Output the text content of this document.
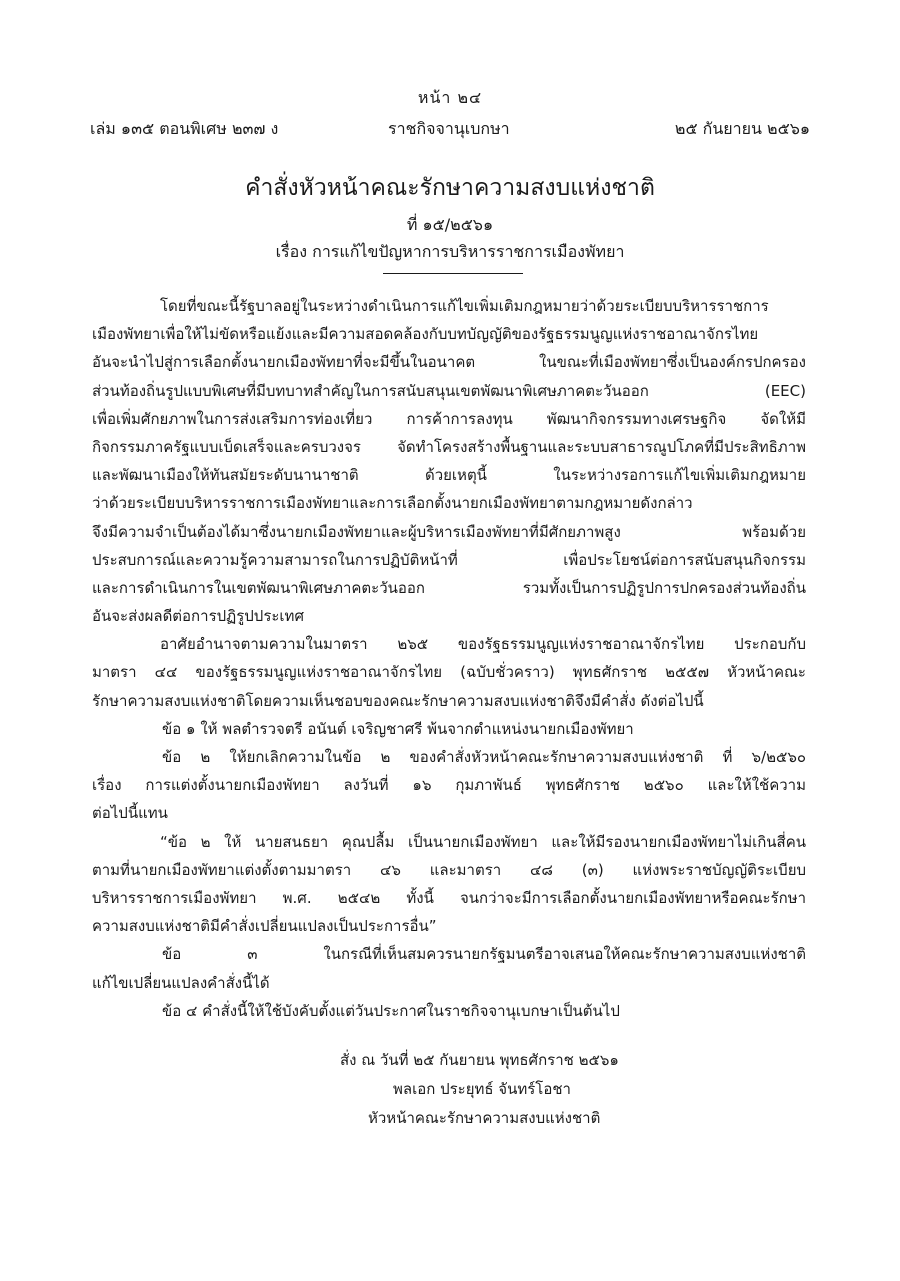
หน้า ๒๔
เล่ม ๑๓๕ ตอนพิเศษ ๒๓๗ ง	ราชกิจจานุเบกษา	๒๕ กันยายน ๒๕๖๑
คำสั่งหัวหน้าคณะรักษาความสงบแห่งชาติ
ที่ ๑๕/๒๕๖๑
เรื่อง การแก้ไขปัญหาการบริหารราชการเมืองพัทยา
โดยที่ขณะนี้รัฐบาลอยู่ในระหว่างดำเนินการแก้ไขเพิ่มเติมกฎหมายว่าด้วยระเบียบบริหารราชการ
เมืองพัทยาเพื่อให้ไม่ขัดหรือแย้งและมีความสอดคล้องกับบทบัญญัติของรัฐธรรมนูญแห่งราชอาณาจักรไทย
อันจะนำไปสู่การเลือกตั้งนายกเมืองพัทยาที่จะมีขึ้นในอนาคต ในขณะที่เมืองพัทยาซึ่งเป็นองค์กรปกครอง
ส่วนท้องถิ่นรูปแบบพิเศษที่มีบทบาทสำคัญในการสนับสนุนเขตพัฒนาพิเศษภาคตะวันออก (EEC)
เพื่อเพิ่มศักยภาพในการส่งเสริมการท่องเที่ยว การค้าการลงทุน พัฒนากิจกรรมทางเศรษฐกิจ จัดให้มี
กิจกรรมภาครัฐแบบเบ็ดเสร็จและครบวงจร จัดทำโครงสร้างพื้นฐานและระบบสาธารณูปโภคที่มีประสิทธิภาพ
และพัฒนาเมืองให้ทันสมัยระดับนานาชาติ ด้วยเหตุนี้ ในระหว่างรอการแก้ไขเพิ่มเติมกฎหมาย
ว่าด้วยระเบียบบริหารราชการเมืองพัทยาและการเลือกตั้งนายกเมืองพัทยาตามกฎหมายดังกล่าว
จึงมีความจำเป็นต้องได้มาซึ่งนายกเมืองพัทยาและผู้บริหารเมืองพัทยาที่มีศักยภาพสูง พร้อมด้วย
ประสบการณ์และความรู้ความสามารถในการปฏิบัติหน้าที่ เพื่อประโยชน์ต่อการสนับสนุนกิจกรรม
และการดำเนินการในเขตพัฒนาพิเศษภาคตะวันออก รวมทั้งเป็นการปฏิรูปการปกครองส่วนท้องถิ่น
อันจะส่งผลดีต่อการปฏิรูปประเทศ
อาศัยอำนาจตามความในมาตรา ๒๖๕ ของรัฐธรรมนูญแห่งราชอาณาจักรไทย ประกอบกับ
มาตรา ๔๔ ของรัฐธรรมนูญแห่งราชอาณาจักรไทย (ฉบับชั่วคราว) พุทธศักราช ๒๕๕๗ หัวหน้าคณะ
รักษาความสงบแห่งชาติโดยความเห็นชอบของคณะรักษาความสงบแห่งชาติจึงมีคำสั่ง ดังต่อไปนี้
ข้อ ๑ ให้ พลตำรวจตรี อนันต์ เจริญชาศรี พ้นจากตำแหน่งนายกเมืองพัทยา
ข้อ ๒ ให้ยกเลิกความในข้อ ๒ ของคำสั่งหัวหน้าคณะรักษาความสงบแห่งชาติ ที่ ๖/๒๕๖๐
เรื่อง การแต่งตั้งนายกเมืองพัทยา ลงวันที่ ๑๖ กุมภาพันธ์ พุทธศักราช ๒๕๖๐ และให้ใช้ความ
ต่อไปนี้แทน
“ข้อ ๒ ให้ นายสนธยา คุณปลื้ม เป็นนายกเมืองพัทยา และให้มีรองนายกเมืองพัทยาไม่เกินสี่คน
ตามที่นายกเมืองพัทยาแต่งตั้งตามมาตรา ๔๖ และมาตรา ๔๘ (๓) แห่งพระราชบัญญัติระเบียบ
บริหารราชการเมืองพัทยา พ.ศ. ๒๕๔๒ ทั้งนี้ จนกว่าจะมีการเลือกตั้งนายกเมืองพัทยาหรือคณะรักษา
ความสงบแห่งชาติมีคำสั่งเปลี่ยนแปลงเป็นประการอื่น”
ข้อ ๓ ในกรณีที่เห็นสมควรนายกรัฐมนตรีอาจเสนอให้คณะรักษาความสงบแห่งชาติ
แก้ไขเปลี่ยนแปลงคำสั่งนี้ได้
ข้อ ๔ คำสั่งนี้ให้ใช้บังคับตั้งแต่วันประกาศในราชกิจจานุเบกษาเป็นต้นไป
สั่ง ณ วันที่ ๒๕ กันยายน พุทธศักราช ๒๕๖๑
พลเอก ประยุทธ์ จันทร์โอชา
หัวหน้าคณะรักษาความสงบแห่งชาติ
